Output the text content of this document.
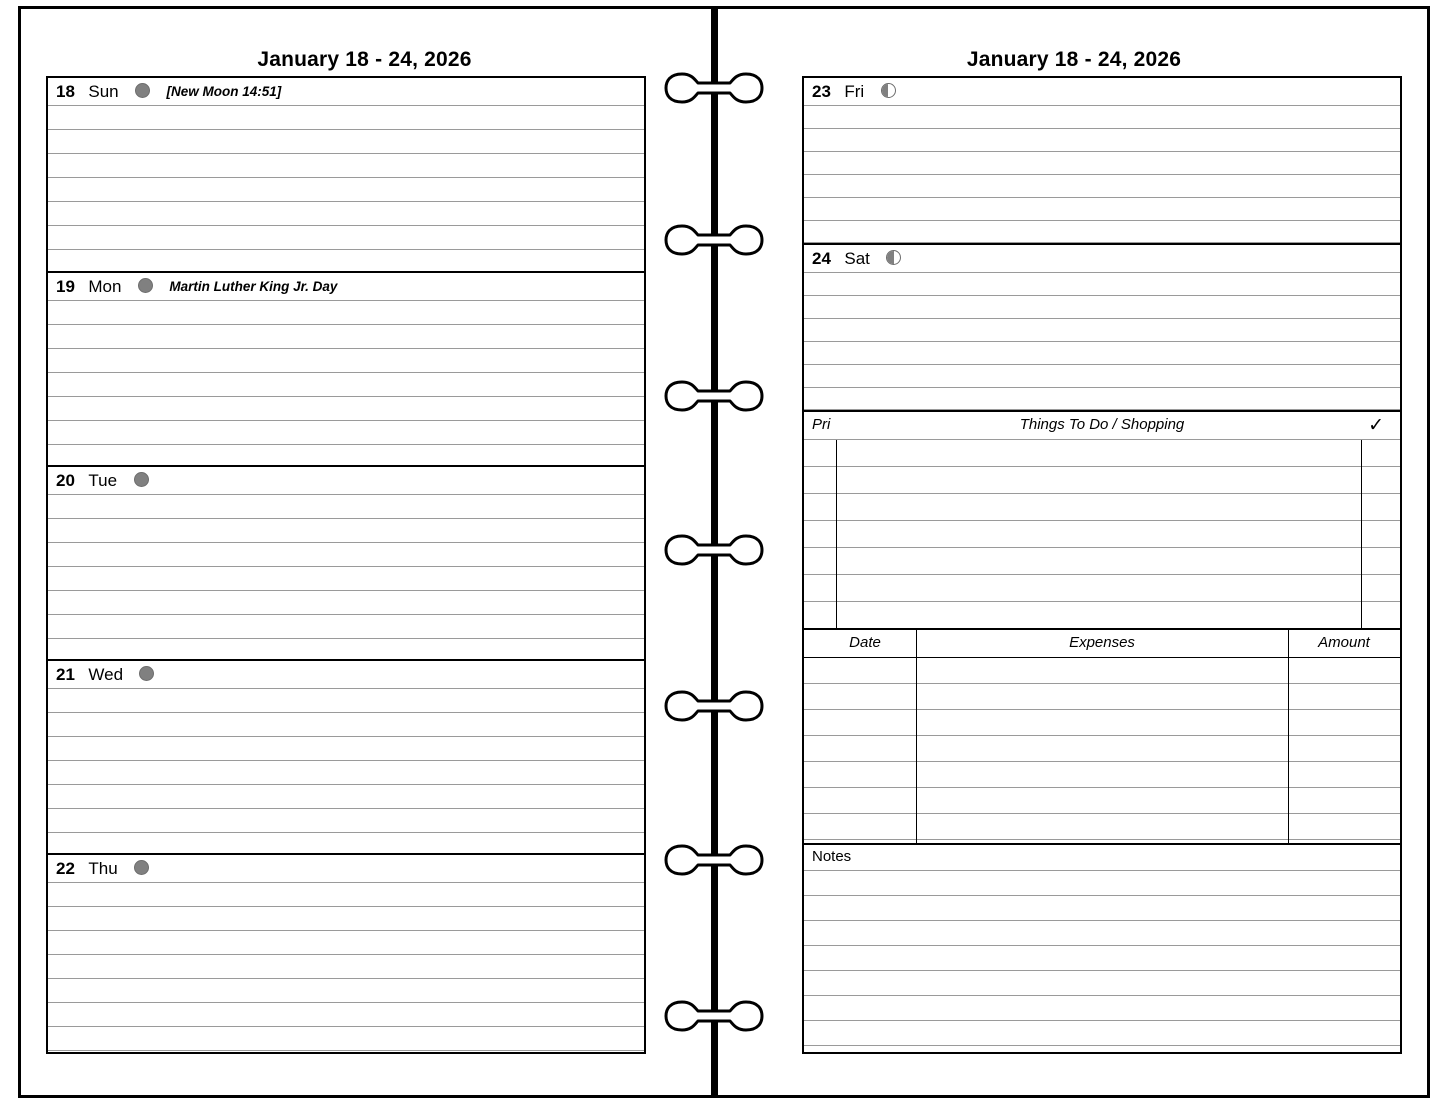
January 18 - 24, 2026
18 Sun	[New Moon 14:51]
19 Mon	Martin Luther King Jr. Day
20 Tue
21 Wed
22 Thu
January 18 - 24, 2026
23 Fri
24 Sat
Pri	Things To Do / Shopping	✓
Date	Expenses	Amount
Notes
